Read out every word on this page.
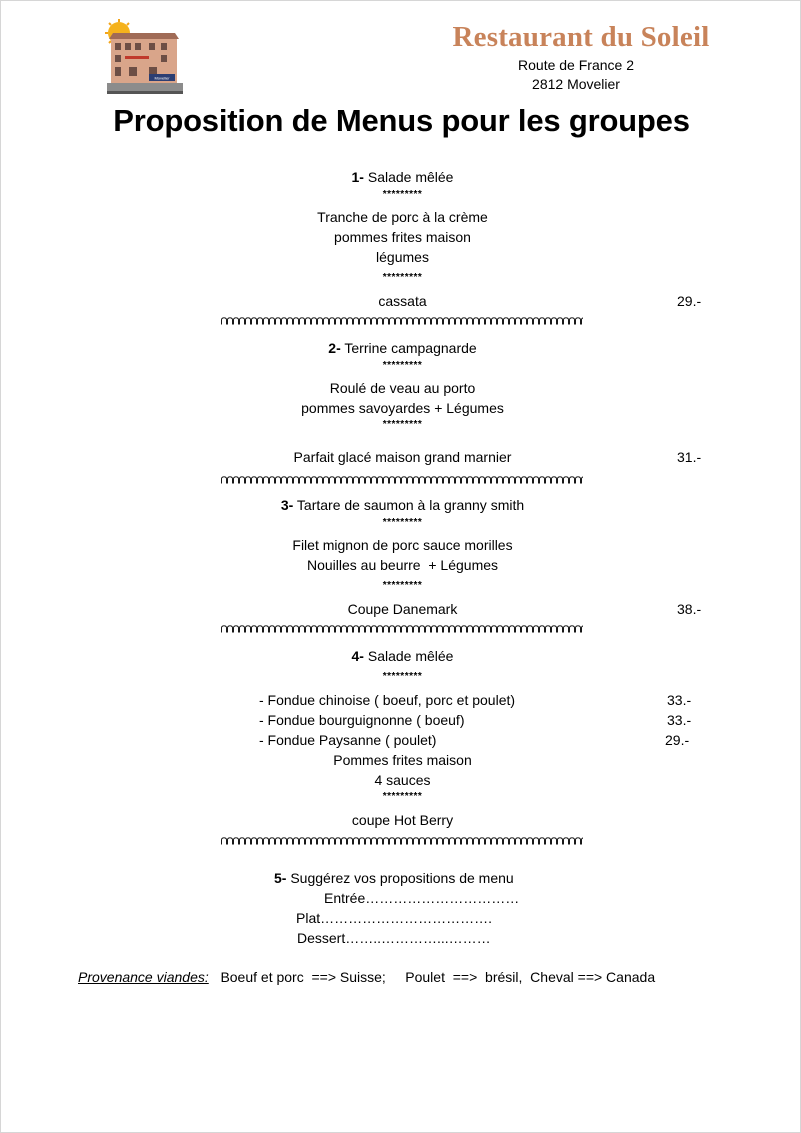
Movelier
Restaurant du Soleil
Route de France 2
2812 Movelier
Proposition de Menus pour les groupes
1- Salade mêlée
*********
Tranche de porc à la crème
pommes frites maison
légumes
*********
cassata	29.-
2- Terrine campagnarde
*********
Roulé de veau au porto
pommes savoyardes + Légumes
*********
Parfait glacé maison grand marnier	31.-
3- Tartare de saumon à la granny smith
*********
Filet mignon de porc sauce morilles
Nouilles au beurre  + Légumes
*********
Coupe Danemark	38.-
4- Salade mêlée
*********
- Fondue chinoise ( boeuf, porc et poulet)	33.-
- Fondue bourguignonne ( boeuf)	33.-
- Fondue Paysanne ( poulet)	29.-
Pommes frites maison
4 sauces
*********
coupe Hot Berry
5- Suggérez vos propositions de menu
Entrée……………………………
Plat……………………………….
Dessert……..…………...………
Provenance viandes: Boeuf et porc  ==> Suisse;     Poulet  ==>  brésil,  Cheval ==> Canada
